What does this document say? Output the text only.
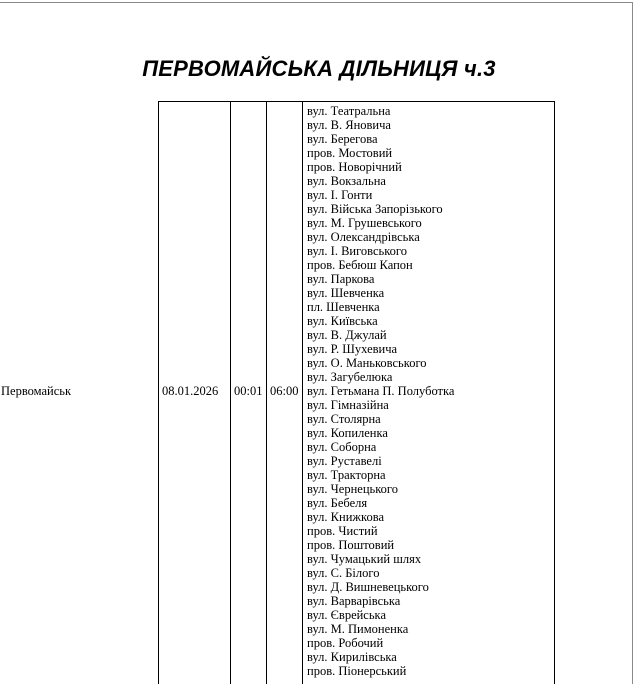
ПЕРВОМАЙСЬКА ДІЛЬНИЦЯ ч.3
Первомайськ	08.01.2026 00:01 06:00
вул. Театральна
вул. В. Яновича
вул. Берегова
пров. Мостовий
пров. Новорічний
вул. Вокзальна
вул. І. Гонти
вул. Війська Запорізького
вул. М. Грушевського
вул. Олександрівська
вул. І. Виговського
пров. Бебюш Капон
вул. Паркова
вул. Шевченка
пл. Шевченка
вул. Київська
вул. В. Джулай
вул. Р. Шухевича
вул. О. Маньковського
вул. Загубелюка
вул. Гетьмана П. Полуботка
вул. Гімназійна
вул. Столярна
вул. Копиленка
вул. Соборна
вул. Руставелі
вул. Тракторна
вул. Чернецького
вул. Бебеля
вул. Книжкова
пров. Чистий
пров. Поштовий
вул. Чумацький шлях
вул. С. Білого
вул. Д. Вишневецького
вул. Варварівська
вул. Єврейська
вул. М. Пимоненка
пров. Робочий
вул. Кирилівська
пров. Піонерський
